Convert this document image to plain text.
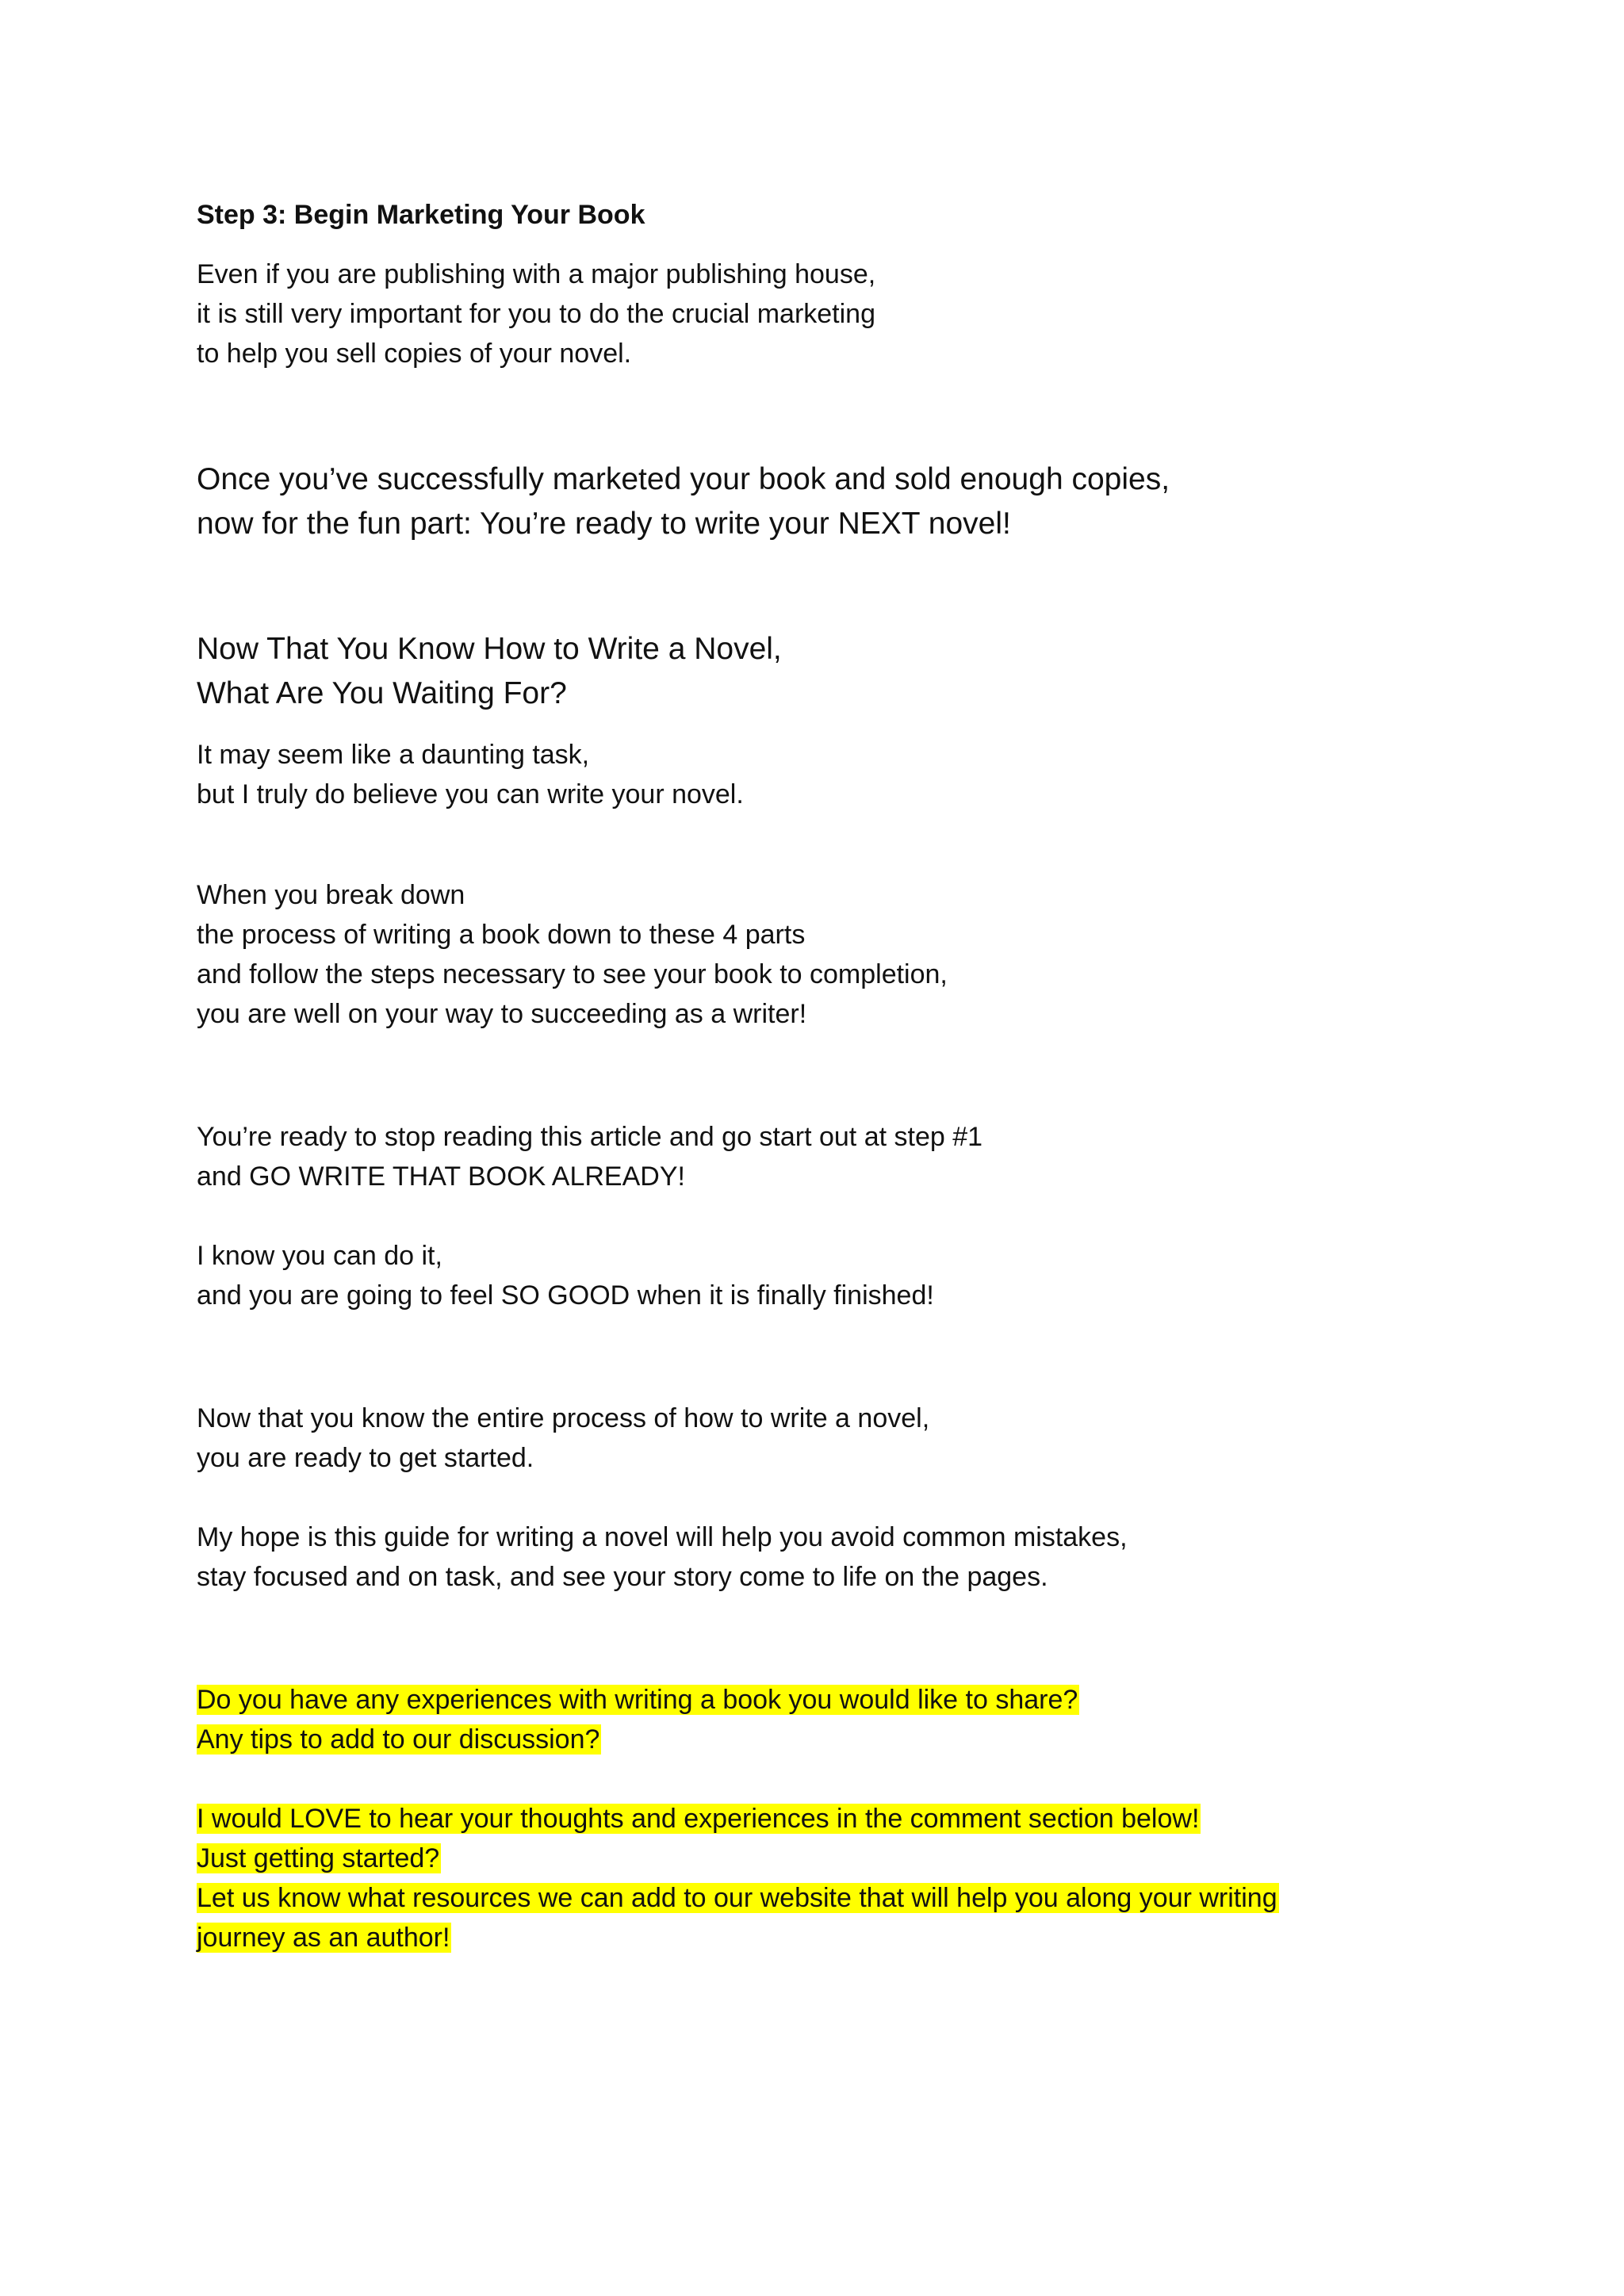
Step 3: Begin Marketing Your Book

Even if you are publishing with a major publishing house,
it is still very important for you to do the crucial marketing
to help you sell copies of your novel.

Once you’ve successfully marketed your book and sold enough copies,
now for the fun part: You’re ready to write your NEXT novel!

Now That You Know How to Write a Novel,
What Are You Waiting For?

It may seem like a daunting task,
but I truly do believe you can write your novel.

When you break down
the process of writing a book down to these 4 parts
and follow the steps necessary to see your book to completion,
you are well on your way to succeeding as a writer!

You’re ready to stop reading this article and go start out at step #1
and GO WRITE THAT BOOK ALREADY!

I know you can do it,
and you are going to feel SO GOOD when it is finally finished!

Now that you know the entire process of how to write a novel,
you are ready to get started.

My hope is this guide for writing a novel will help you avoid common mistakes,
stay focused and on task, and see your story come to life on the pages.

Do you have any experiences with writing a book you would like to share?
Any tips to add to our discussion?

I would LOVE to hear your thoughts and experiences in the comment section below!
Just getting started?
Let us know what resources we can add to our website that will help you along your writing
journey as an author!
